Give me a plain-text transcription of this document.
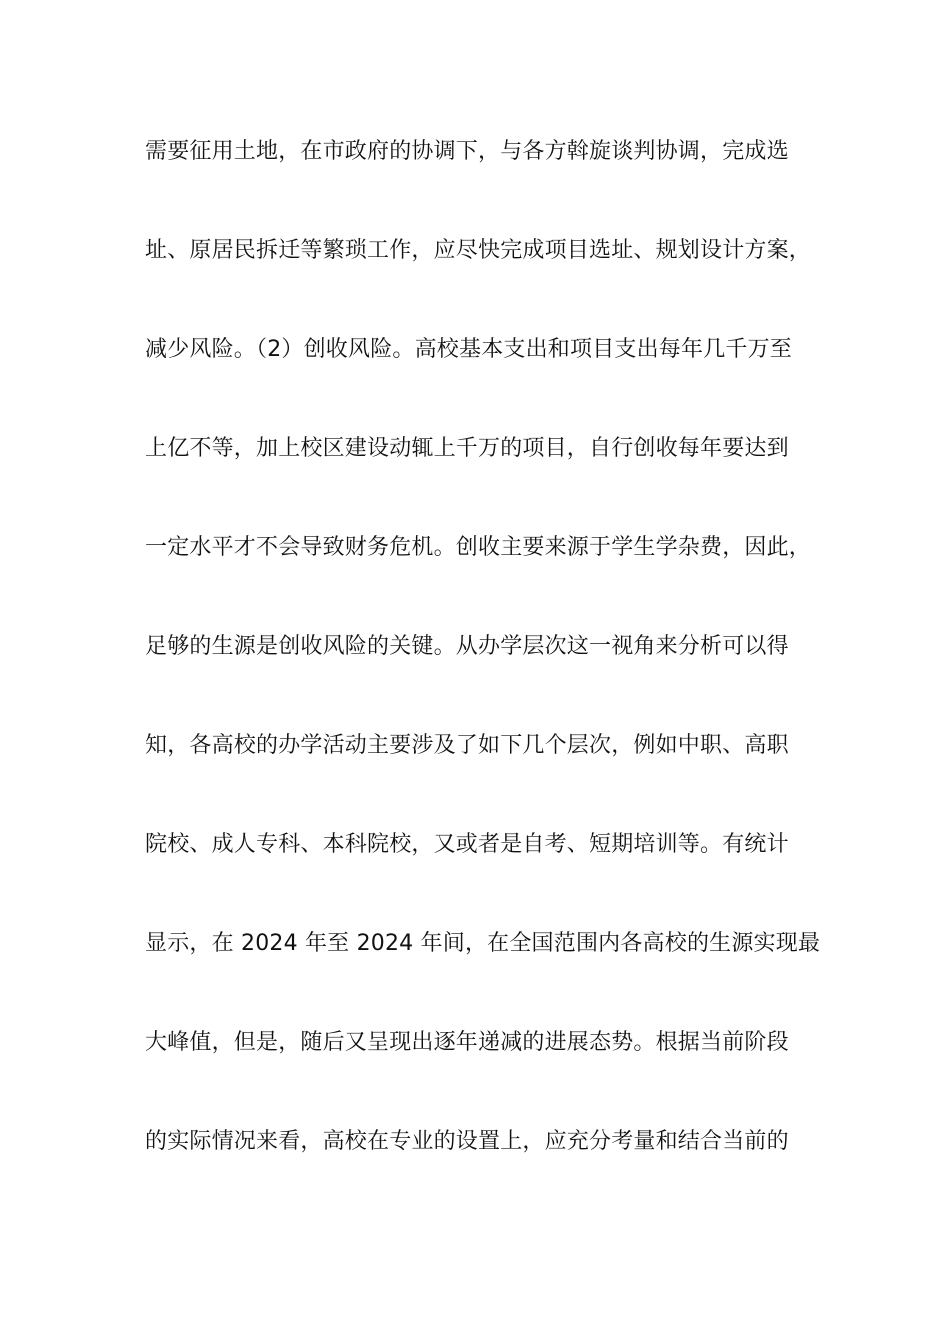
需要征用土地，在市政府的协调下，与各方斡旋谈判协调，完成选
址、原居民拆迁等繁琐工作，应尽快完成项目选址、规划设计方案，
减少风险。（2）创收风险。高校基本支出和项目支出每年几千万至
上亿不等，加上校区建设动辄上千万的项目，自行创收每年要达到
一定水平才不会导致财务危机。创收主要来源于学生学杂费，因此，
足够的生源是创收风险的关键。从办学层次这一视角来分析可以得
知，各高校的办学活动主要涉及了如下几个层次，例如中职、高职
院校、成人专科、本科院校，又或者是自考、短期培训等。有统计
显示，在 2024 年至 2024 年间，在全国范围内各高校的生源实现最
大峰值，但是，随后又呈现出逐年递减的进展态势。根据当前阶段
的实际情况来看，高校在专业的设置上，应充分考量和结合当前的
